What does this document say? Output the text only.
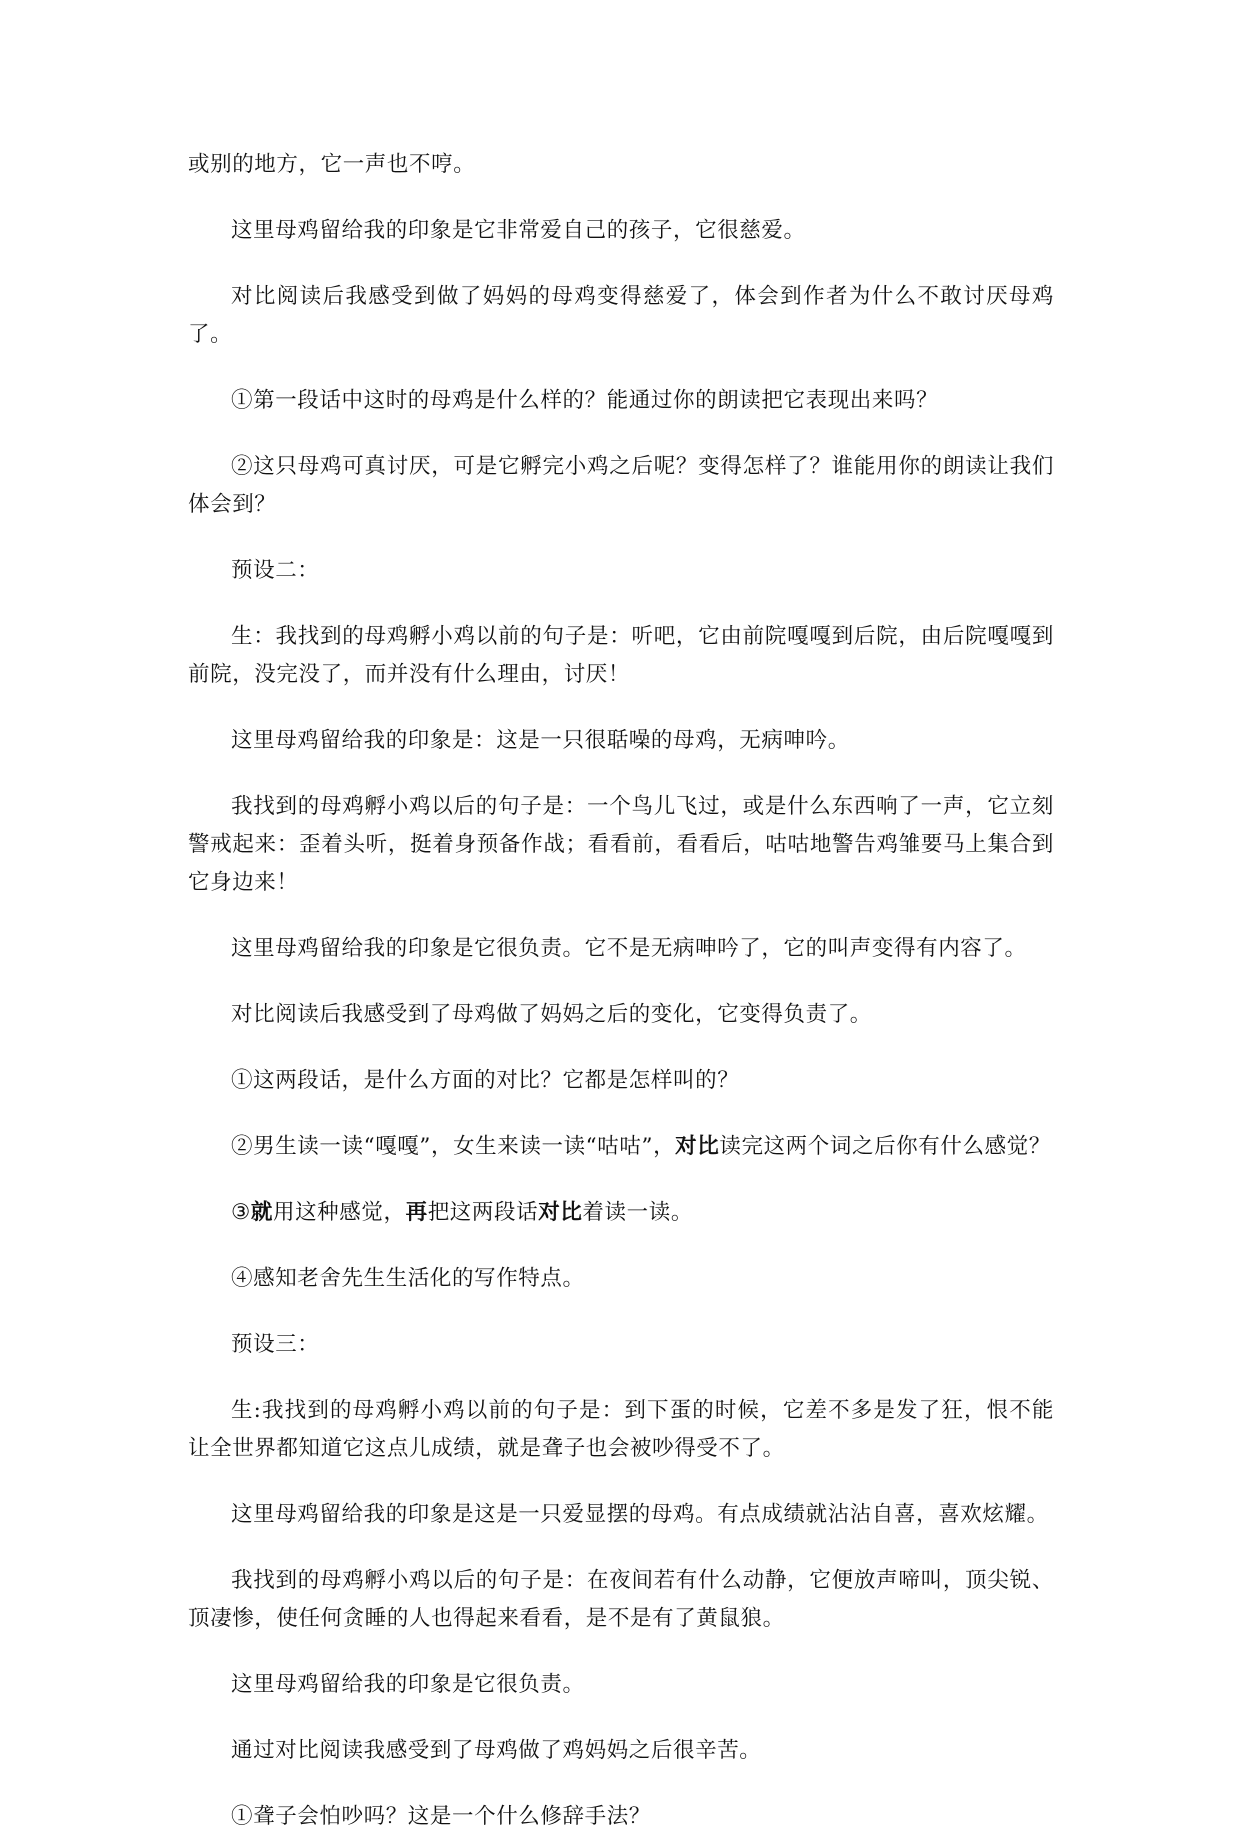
或别的地方，它一声也不哼。

这里母鸡留给我的印象是它非常爱自己的孩子，它很慈爱。

对比阅读后我感受到做了妈妈的母鸡变得慈爱了，体会到作者为什么不敢讨厌母鸡了。

①第一段话中这时的母鸡是什么样的？能通过你的朗读把它表现出来吗？

②这只母鸡可真讨厌，可是它孵完小鸡之后呢？变得怎样了？谁能用你的朗读让我们体会到？

预设二：

生：我找到的母鸡孵小鸡以前的句子是：听吧，它由前院嘎嘎到后院，由后院嘎嘎到前院，没完没了，而并没有什么理由，讨厌！

这里母鸡留给我的印象是：这是一只很聒噪的母鸡，无病呻吟。

我找到的母鸡孵小鸡以后的句子是：一个鸟儿飞过，或是什么东西响了一声，它立刻警戒起来：歪着头听，挺着身预备作战；看看前，看看后，咕咕地警告鸡雏要马上集合到它身边来！

这里母鸡留给我的印象是它很负责。它不是无病呻吟了，它的叫声变得有内容了。

对比阅读后我感受到了母鸡做了妈妈之后的变化，它变得负责了。

①这两段话，是什么方面的对比？它都是怎样叫的？

②男生读一读“嘎嘎”，女生来读一读“咕咕”，对比读完这两个词之后你有什么感觉？

③就用这种感觉，再把这两段话对比着读一读。

④感知老舍先生生活化的写作特点。

预设三：

生:我找到的母鸡孵小鸡以前的句子是：到下蛋的时候，它差不多是发了狂，恨不能让全世界都知道它这点儿成绩，就是聋子也会被吵得受不了。

这里母鸡留给我的印象是这是一只爱显摆的母鸡。有点成绩就沾沾自喜，喜欢炫耀。

我找到的母鸡孵小鸡以后的句子是：在夜间若有什么动静，它便放声啼叫，顶尖锐、顶凄惨，使任何贪睡的人也得起来看看，是不是有了黄鼠狼。

这里母鸡留给我的印象是它很负责。

通过对比阅读我感受到了母鸡做了鸡妈妈之后很辛苦。

①聋子会怕吵吗？这是一个什么修辞手法？
